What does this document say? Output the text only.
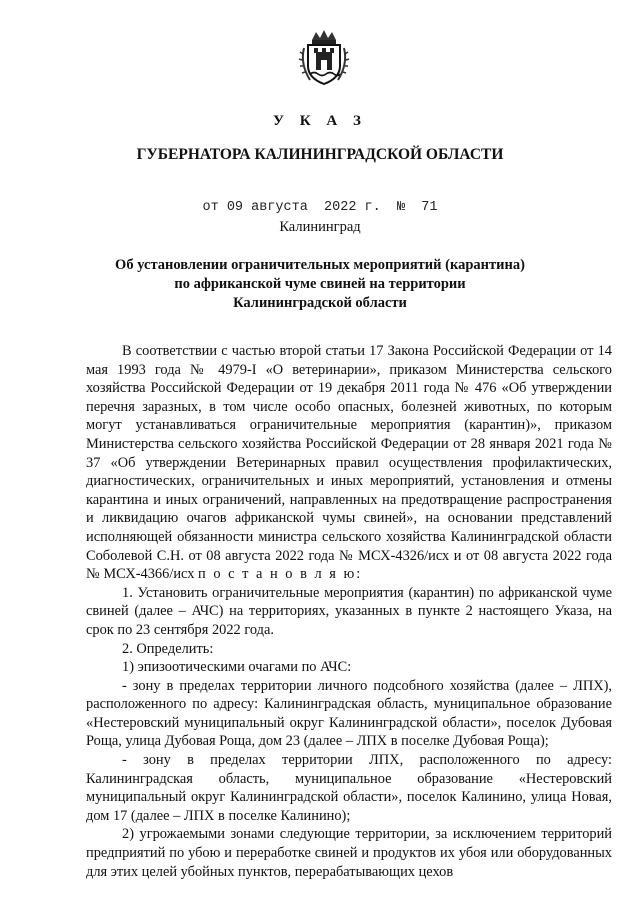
У К А З
ГУБЕРНАТОРА КАЛИНИНГРАДСКОЙ ОБЛАСТИ
от 09 августа  2022 г.  №  71
Калининград
Об установлении ограничительных мероприятий (карантина)
по африканской чуме свиней на территории
Калининградской области

В соответствии с частью второй статьи 17 Закона Российской Федерации от 14 мая 1993 года № 4979-I «О ветеринарии», приказом Министерства сельского хозяйства Российской Федерации от 19 декабря 2011 года № 476 «Об утверждении перечня заразных, в том числе особо опасных, болезней животных, по которым могут устанавливаться ограничительные мероприятия (карантин)», приказом Министерства сельского хозяйства Российской Федерации от 28 января 2021 года № 37 «Об утверждении Ветеринарных правил осуществления профилактических, диагностических, ограничительных и иных мероприятий, установления и отмены карантина и иных ограничений, направленных на предотвращение распространения и ликвидацию очагов африканской чумы свиней», на основании представлений исполняющей обязанности министра сельского хозяйства Калининградской области Соболевой С.Н. от 08 августа 2022 года № МСХ-4326/исх и от 08 августа 2022 года № МСХ-4366/исх п о с т а н о в л я ю:

1. Установить ограничительные мероприятия (карантин) по африканской чуме свиней (далее – АЧС) на территориях, указанных в пункте 2 настоящего Указа, на срок по 23 сентября 2022 года.

2. Определить:

1) эпизоотическими очагами по АЧС:

- зону в пределах территории личного подсобного хозяйства (далее – ЛПХ), расположенного по адресу: Калининградская область, муниципальное образование «Нестеровский муниципальный округ Калининградской области», поселок Дубовая Роща, улица Дубовая Роща, дом 23 (далее – ЛПХ в поселке Дубовая Роща);

- зону в пределах территории ЛПХ, расположенного по адресу: Калининградская область, муниципальное образование «Нестеровский муниципальный округ Калининградской области», поселок Калинино, улица Новая, дом 17 (далее – ЛПХ в поселке Калинино);

2) угрожаемыми зонами следующие территории, за исключением территорий предприятий по убою и переработке свиней и продуктов их убоя или оборудованных для этих целей убойных пунктов, перерабатывающих цехов
